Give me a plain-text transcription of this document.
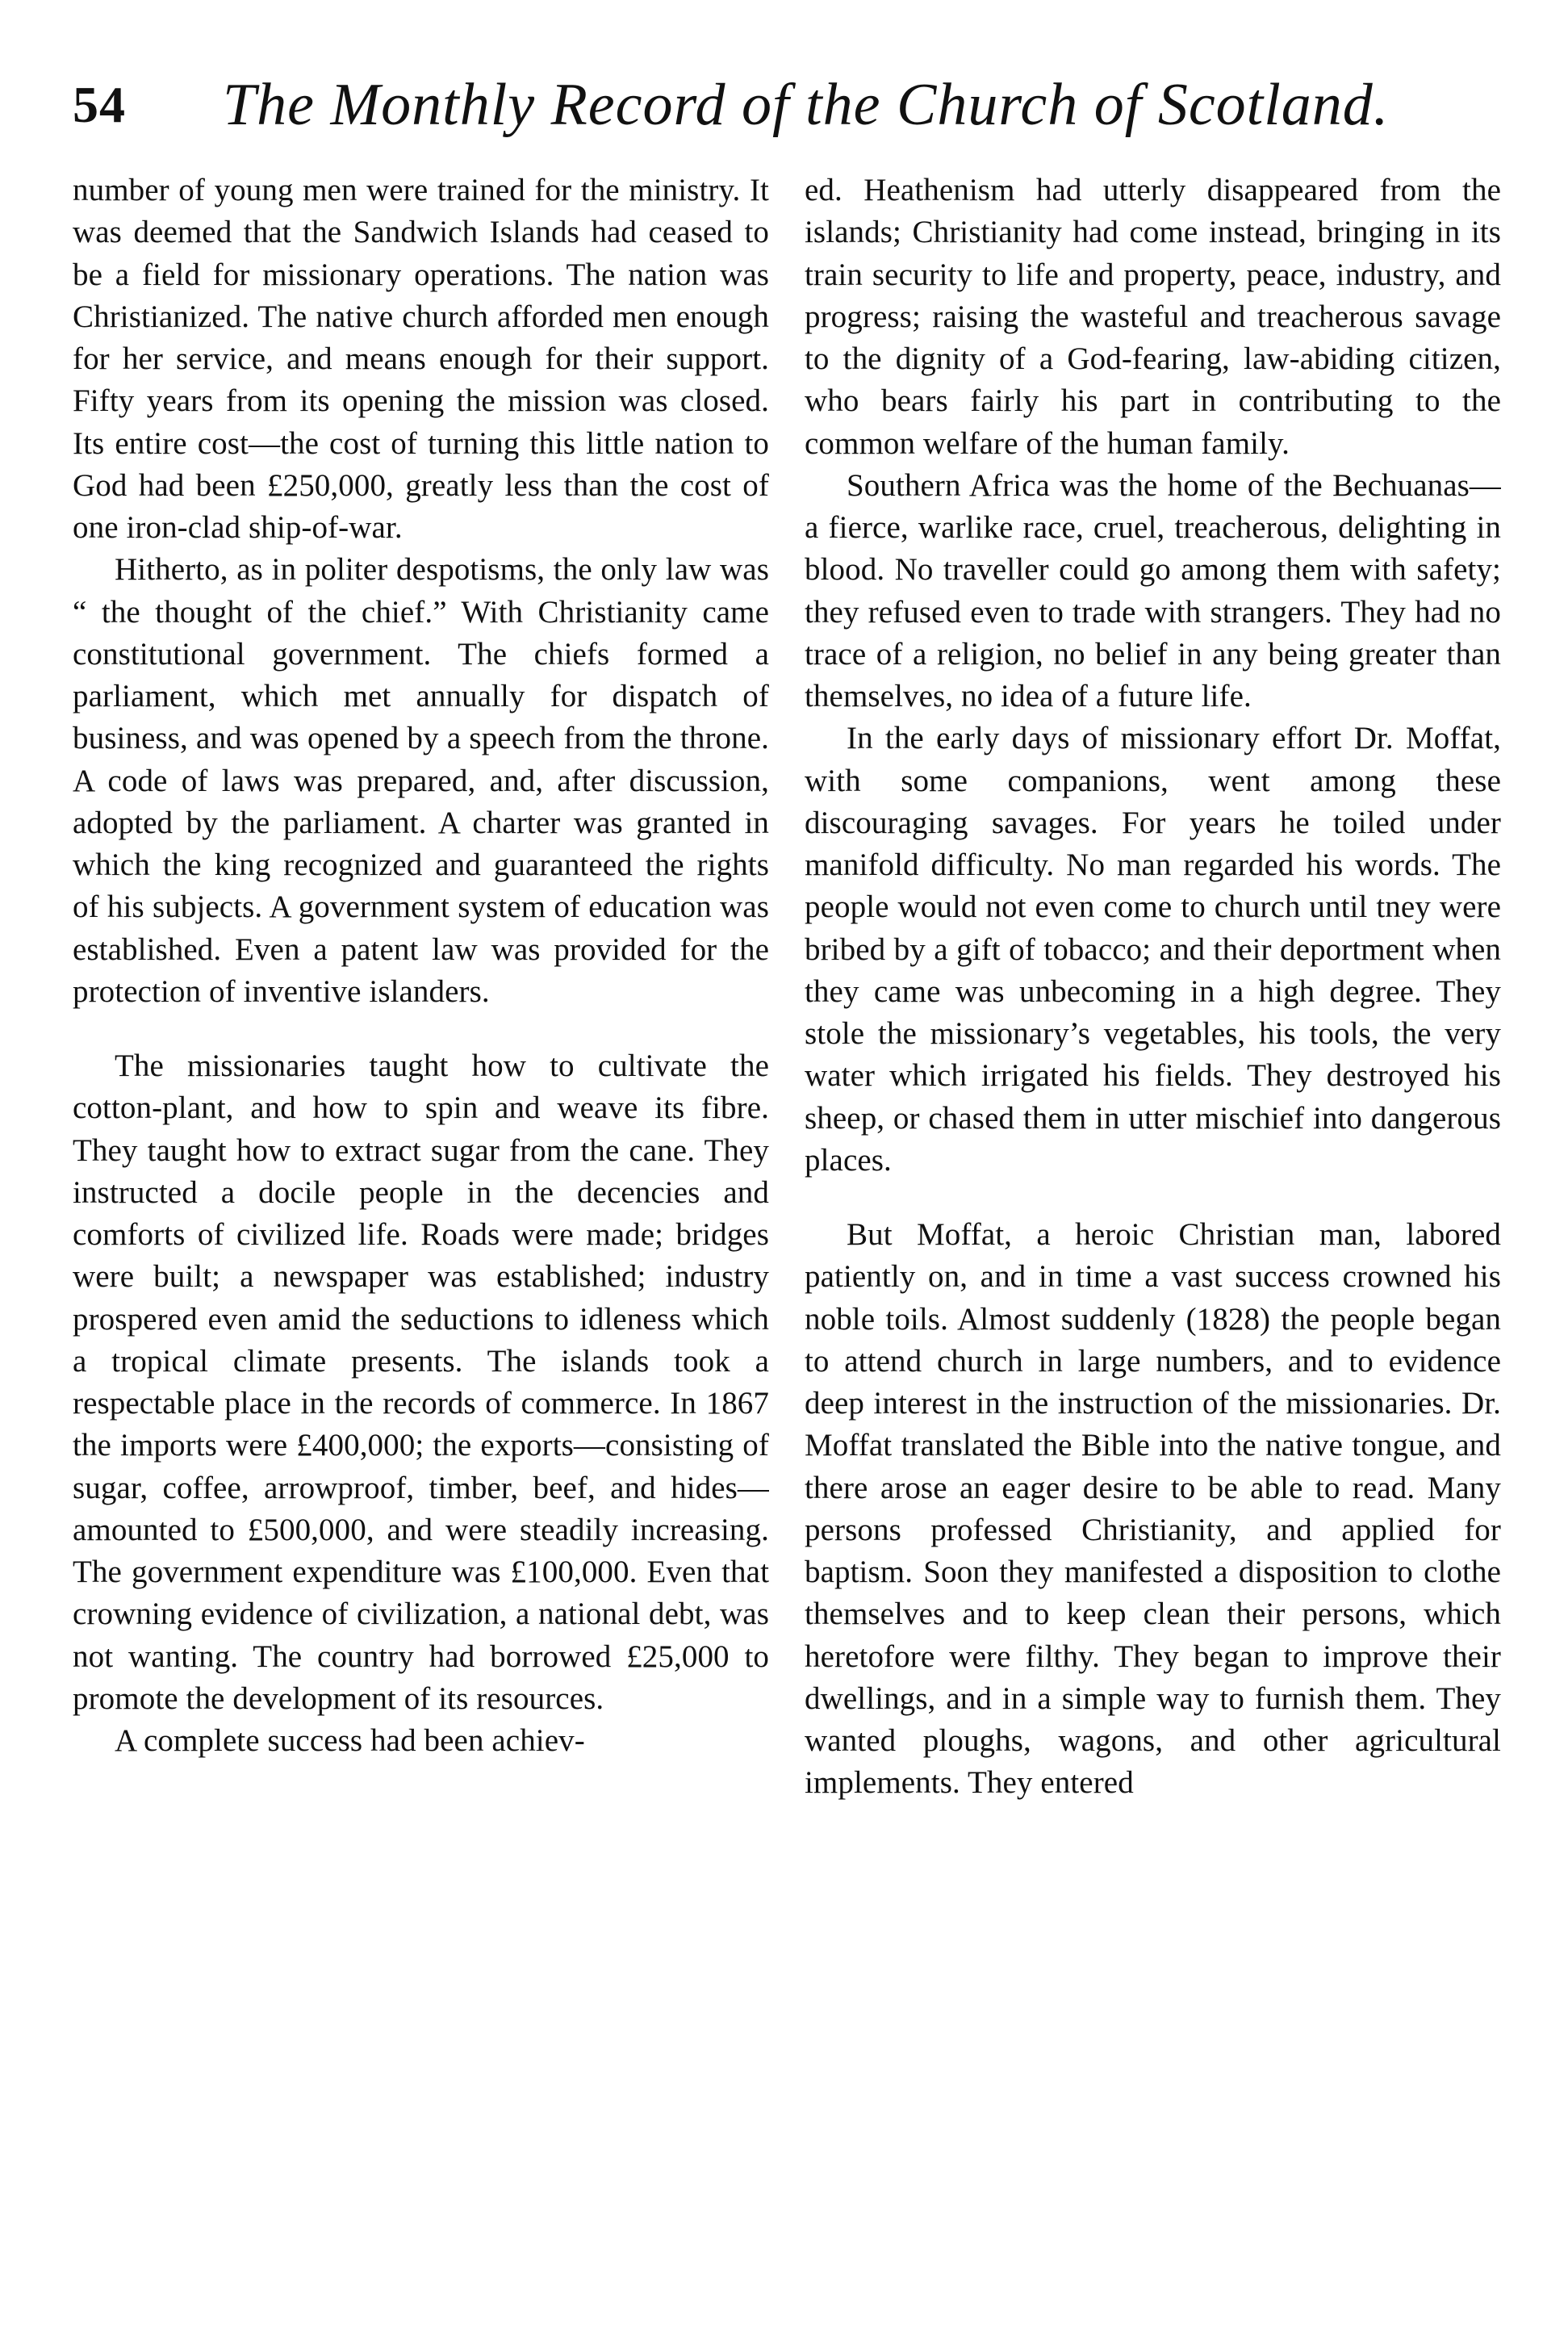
54 The Monthly Record of the Church of Scotland.

number of young men were trained for the ministry. It was deemed that the Sandwich Islands had ceased to be a field for missionary operations. The nation was Christianized. The native church afforded men enough for her service, and means enough for their support. Fifty years from its opening the mission was closed. Its entire cost—the cost of turning this little nation to God had been £250,000, greatly less than the cost of one iron-clad ship-of-war.

Hitherto, as in politer despotisms, the only law was “ the thought of the chief.” With Christianity came constitutional government. The chiefs formed a parliament, which met annually for dispatch of business, and was opened by a speech from the throne. A code of laws was prepared, and, after discussion, adopted by the parliament. A charter was granted in which the king recognized and guaranteed the rights of his subjects. A government system of education was established. Even a patent law was provided for the protection of inventive islanders.

The missionaries taught how to cultivate the cotton-plant, and how to spin and weave its fibre. They taught how to extract sugar from the cane. They instructed a docile people in the decencies and comforts of civilized life. Roads were made; bridges were built; a newspaper was established; industry prospered even amid the seductions to idleness which a tropical climate presents. The islands took a respectable place in the records of commerce. In 1867 the imports were £400,000; the exports—consisting of sugar, coffee, arrowproof, timber, beef, and hides—amounted to £500,000, and were steadily increasing. The government expenditure was £100,000. Even that crowning evidence of civilization, a national debt, was not wanting. The country had borrowed £25,000 to promote the development of its resources.

A complete success had been achiev-

ed. Heathenism had utterly disappeared from the islands; Christianity had come instead, bringing in its train security to life and property, peace, industry, and progress; raising the wasteful and treacherous savage to the dignity of a God-fearing, law-abiding citizen, who bears fairly his part in contributing to the common welfare of the human family.

Southern Africa was the home of the Bechuanas—a fierce, warlike race, cruel, treacherous, delighting in blood. No traveller could go among them with safety; they refused even to trade with strangers. They had no trace of a religion, no belief in any being greater than themselves, no idea of a future life.

In the early days of missionary effort Dr. Moffat, with some companions, went among these discouraging savages. For years he toiled under manifold difficulty. No man regarded his words. The people would not even come to church until tney were bribed by a gift of tobacco; and their deportment when they came was unbecoming in a high degree. They stole the missionary’s vegetables, his tools, the very water which irrigated his fields. They destroyed his sheep, or chased them in utter mischief into dangerous places.

But Moffat, a heroic Christian man, labored patiently on, and in time a vast success crowned his noble toils. Almost suddenly (1828) the people began to attend church in large numbers, and to evidence deep interest in the instruction of the missionaries. Dr. Moffat translated the Bible into the native tongue, and there arose an eager desire to be able to read. Many persons professed Christianity, and applied for baptism. Soon they manifested a disposition to clothe themselves and to keep clean their persons, which heretofore were filthy. They began to improve their dwellings, and in a simple way to furnish them. They wanted ploughs, wagons, and other agricultural implements. They entered
